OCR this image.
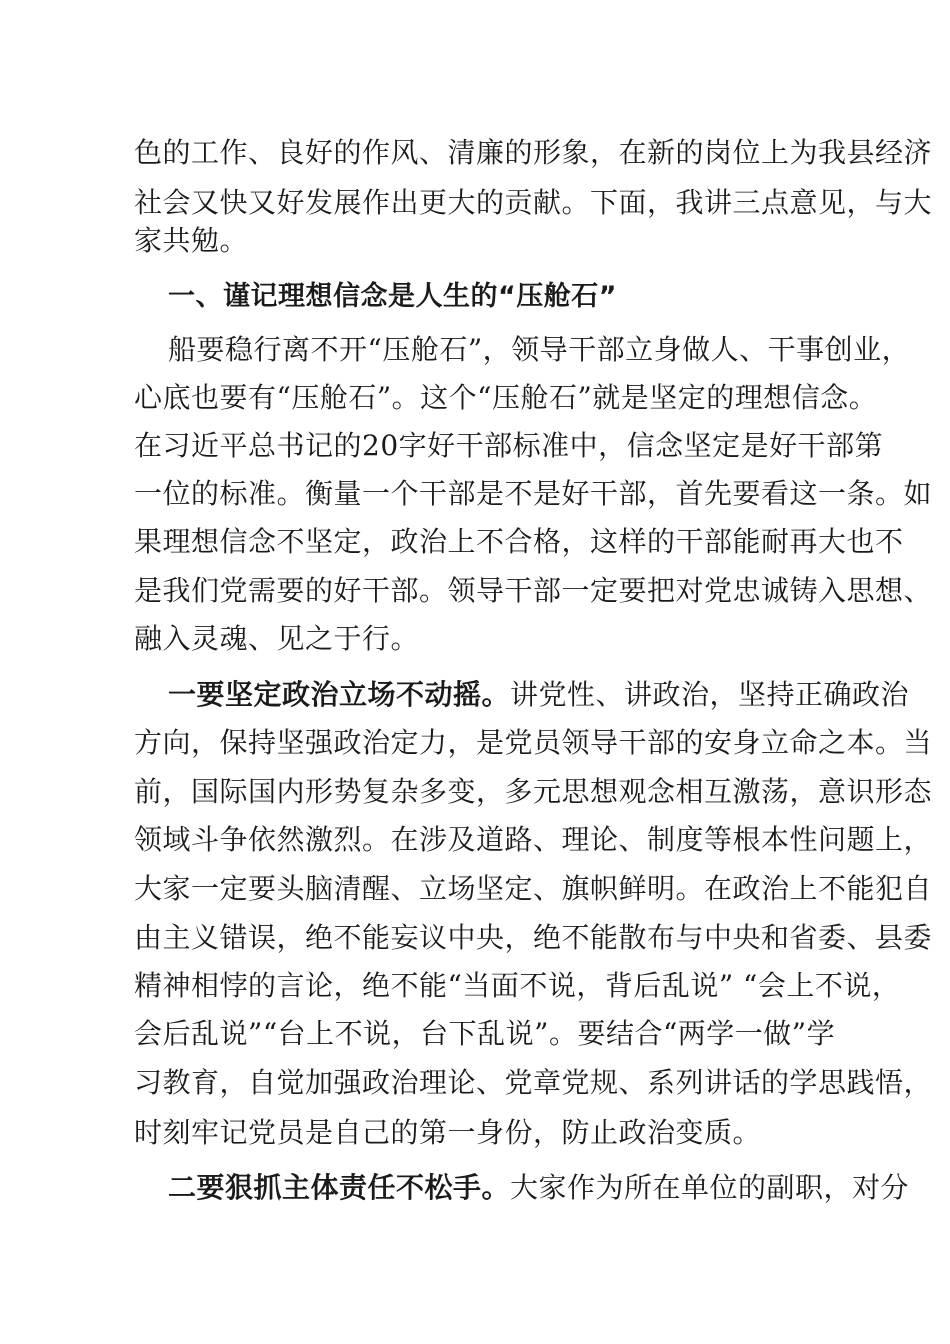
色的工作、良好的作风、清廉的形象，在新的岗位上为我县经济
社会又快又好发展作出更大的贡献。下面，我讲三点意见，与大
家共勉。
一、谨记理想信念是人生的“压舱石”
船要稳行离不开“压舱石”，领导干部立身做人、干事创业，
心底也要有“压舱石”。这个“压舱石”就是坚定的理想信念。
在习近平总书记的20字好干部标准中，信念坚定是好干部第
一位的标准。衡量一个干部是不是好干部，首先要看这一条。如
果理想信念不坚定，政治上不合格，这样的干部能耐再大也不
是我们党需要的好干部。领导干部一定要把对党忠诚铸入思想、
融入灵魂、见之于行。
一要坚定政治立场不动摇。讲党性、讲政治，坚持正确政治
方向，保持坚强政治定力，是党员领导干部的安身立命之本。当
前，国际国内形势复杂多变，多元思想观念相互激荡，意识形态
领域斗争依然激烈。在涉及道路、理论、制度等根本性问题上，
大家一定要头脑清醒、立场坚定、旗帜鲜明。在政治上不能犯自
由主义错误，绝不能妄议中央，绝不能散布与中央和省委、县委
精神相悖的言论，绝不能“当面不说，背后乱说” “会上不说，
会后乱说”“台上不说，台下乱说”。要结合“两学一做”学
习教育，自觉加强政治理论、党章党规、系列讲话的学思践悟，
时刻牢记党员是自己的第一身份，防止政治变质。
二要狠抓主体责任不松手。大家作为所在单位的副职，对分
